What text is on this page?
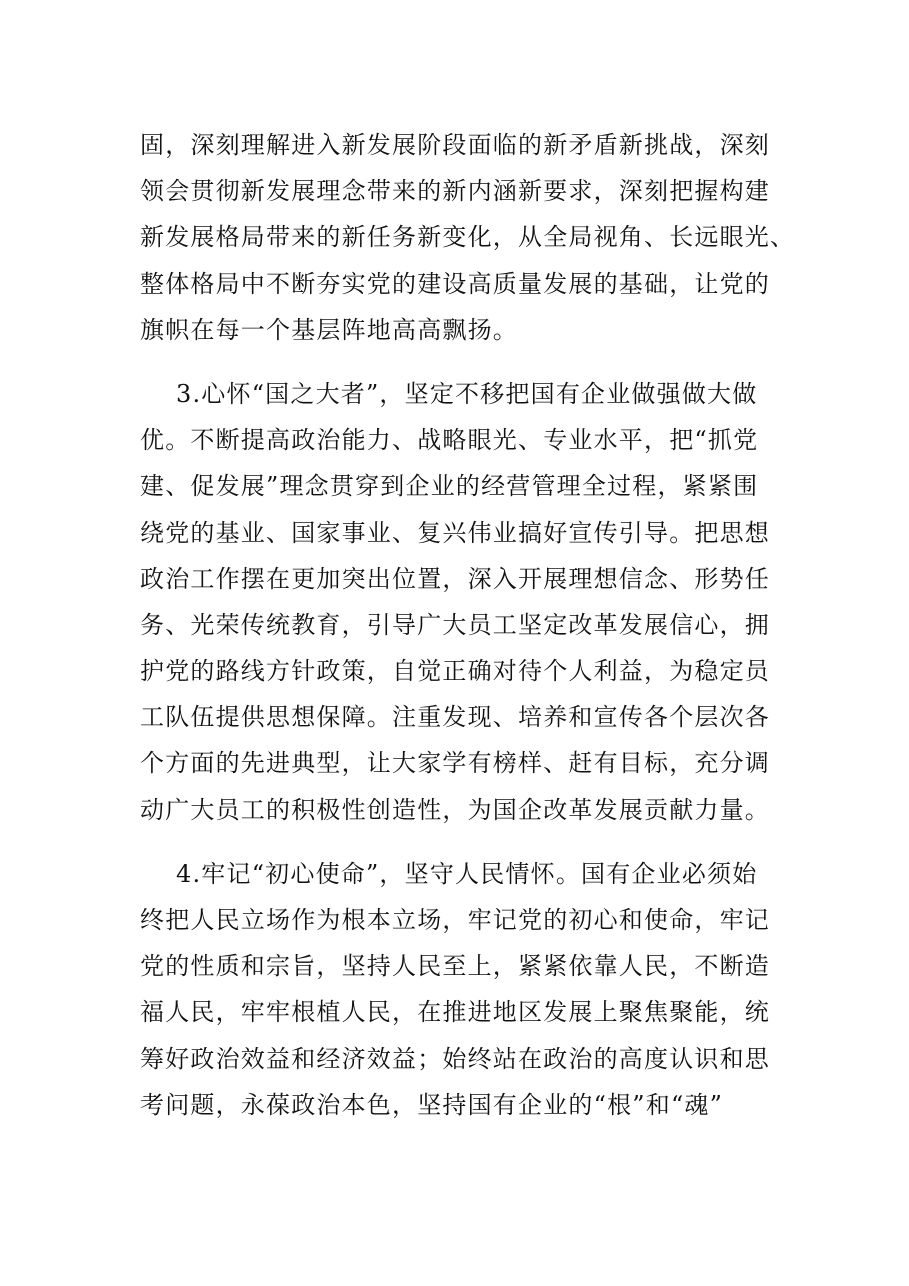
固，深刻理解进入新发展阶段面临的新矛盾新挑战，深刻
领会贯彻新发展理念带来的新内涵新要求，深刻把握构建
新发展格局带来的新任务新变化，从全局视角、长远眼光、
整体格局中不断夯实党的建设高质量发展的基础，让党的
旗帜在每一个基层阵地高高飘扬。
3.心怀“国之大者”，坚定不移把国有企业做强做大做
优。不断提高政治能力、战略眼光、专业水平，把“抓党
建、促发展”理念贯穿到企业的经营管理全过程，紧紧围
绕党的基业、国家事业、复兴伟业搞好宣传引导。把思想
政治工作摆在更加突出位置，深入开展理想信念、形势任
务、光荣传统教育，引导广大员工坚定改革发展信心，拥
护党的路线方针政策，自觉正确对待个人利益，为稳定员
工队伍提供思想保障。注重发现、培养和宣传各个层次各
个方面的先进典型，让大家学有榜样、赶有目标，充分调
动广大员工的积极性创造性，为国企改革发展贡献力量。
4.牢记“初心使命”，坚守人民情怀。国有企业必须始
终把人民立场作为根本立场，牢记党的初心和使命，牢记
党的性质和宗旨，坚持人民至上，紧紧依靠人民，不断造
福人民，牢牢根植人民，在推进地区发展上聚焦聚能，统
筹好政治效益和经济效益；始终站在政治的高度认识和思
考问题，永葆政治本色，坚持国有企业的“根”和“魂”
